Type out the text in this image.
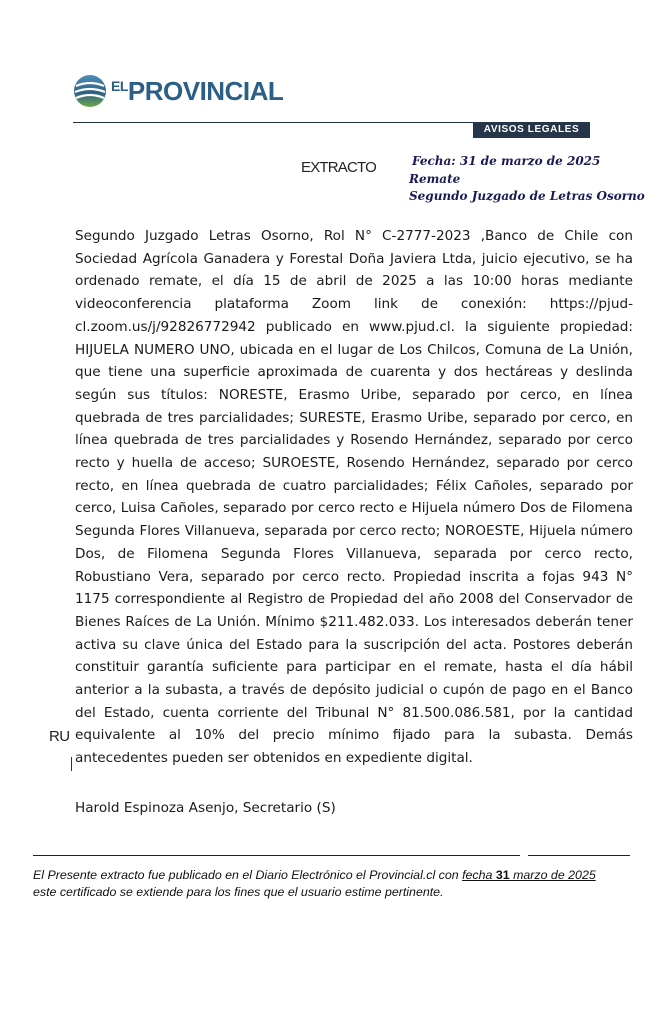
$^{EL}$PROVINCIAL
AVISOS LEGALES
EXTRACTO	Fecha: 31 de marzo de 2025
Remate
Segundo Juzgado de Letras Osorno
Segundo Juzgado Letras Osorno, Rol N° C-2777-2023 ,Banco de Chile con Sociedad Agrícola Ganadera y Forestal Doña Javiera Ltda, juicio ejecutivo, se ha ordenado remate, el día 15 de abril de 2025 a las 10:00 horas mediante videoconferencia plataforma Zoom link de conexión: https://pjud-cl.zoom.us/j/92826772942 publicado en www.pjud.cl. la siguiente propiedad: HIJUELA NUMERO UNO, ubicada en el lugar de Los Chilcos, Comuna de La Unión, que tiene una superficie aproximada de cuarenta y dos hectáreas y deslinda según sus títulos: NORESTE, Erasmo Uribe, separado por cerco, en línea quebrada de tres parcialidades; SURESTE, Erasmo Uribe, separado por cerco, en línea quebrada de tres parcialidades y Rosendo Hernández, separado por cerco recto y huella de acceso; SUROESTE, Rosendo Hernández, separado por cerco recto, en línea quebrada de cuatro parcialidades; Félix Cañoles, separado por cerco, Luisa Cañoles, separado por cerco recto e Hijuela número Dos de Filomena Segunda Flores Villanueva, separada por cerco recto; NOROESTE, Hijuela número Dos, de Filomena Segunda Flores Villanueva, separada por cerco recto, Robustiano Vera, separado por cerco recto. Propiedad inscrita a fojas 943 N° 1175 correspondiente al Registro de Propiedad del año 2008 del Conservador de Bienes Raíces de La Unión. Mínimo $211.482.033. Los interesados deberán tener activa su clave única del Estado para la suscripción del acta. Postores deberán constituir garantía suficiente para participar en el remate, hasta el día hábil anterior a la subasta, a través de depósito judicial o cupón de pago en el Banco del Estado, cuenta corriente del Tribunal N° 81.500.086.581, por la cantidad equivalente al 10% del precio mínimo fijado para la subasta. Demás antecedentes pueden ser obtenidos en expediente digital.
Harold Espinoza Asenjo, Secretario (S)
RU
El Presente extracto fue publicado en el Diario Electrónico el Provincial.cl con fecha 31 marzo de 2025
este certificado se extiende para los fines que el usuario estime pertinente.
